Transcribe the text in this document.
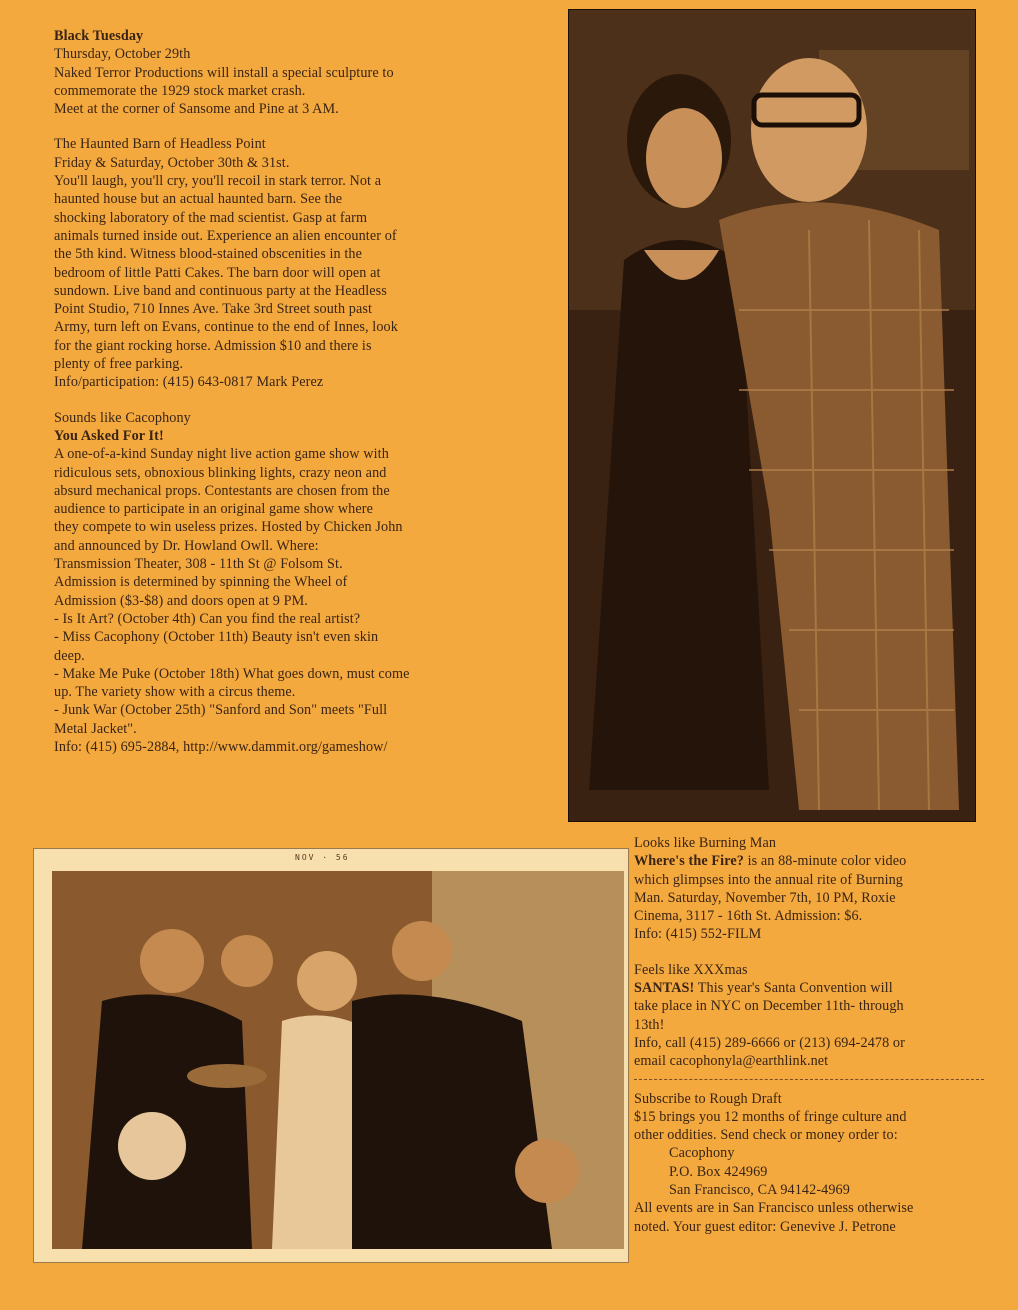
Black Tuesday

Thursday, October 29th

Naked Terror Productions will install a special sculpture to

commemorate the 1929 stock market crash.

Meet at the corner of Sansome and Pine at 3 AM.

The Haunted Barn of Headless Point

Friday & Saturday, October 30th & 31st.

You'll laugh, you'll cry, you'll recoil in stark terror. Not a

haunted house but an actual haunted barn. See the

shocking laboratory of the mad scientist. Gasp at farm

animals turned inside out. Experience an alien encounter of

the 5th kind. Witness blood-stained obscenities in the

bedroom of little Patti Cakes. The barn door will open at

sundown. Live band and continuous party at the Headless

Point Studio, 710 Innes Ave. Take 3rd Street south past

Army, turn left on Evans, continue to the end of Innes, look

for the giant rocking horse. Admission $10 and there is

plenty of free parking.

Info/participation: (415) 643-0817 Mark Perez

Sounds like Cacophony

You Asked For It!

A one-of-a-kind Sunday night live action game show with

ridiculous sets, obnoxious blinking lights, crazy neon and

absurd mechanical props. Contestants are chosen from the

audience to participate in an original game show where

they compete to win useless prizes. Hosted by Chicken John

and announced by Dr. Howland Owll. Where:

Transmission Theater, 308 - 11th St @ Folsom St.

Admission is determined by spinning the Wheel of

Admission ($3-$8) and doors open at 9 PM.

- Is It Art? (October 4th) Can you find the real artist?

- Miss Cacophony (October 11th) Beauty isn't even skin

deep.

- Make Me Puke (October 18th) What goes down, must come

up. The variety show with a circus theme.

- Junk War (October 25th) "Sanford and Son" meets "Full

Metal Jacket".

Info: (415) 695-2884, http://www.dammit.org/gameshow/

NOV · 56

Looks like Burning Man

Where's the Fire? is an 88-minute color video

which glimpses into the annual rite of Burning

Man. Saturday, November 7th, 10 PM, Roxie

Cinema, 3117 - 16th St. Admission: $6.

Info: (415) 552-FILM

Feels like XXXmas

SANTAS! This year's Santa Convention will

take place in NYC on December 11th- through

13th!

Info, call (415) 289-6666 or (213) 694-2478 or

email cacophonyla@earthlink.net

Subscribe to Rough Draft

$15 brings you 12 months of fringe culture and

other oddities. Send check or money order to:

Cacophony

P.O. Box 424969

San Francisco, CA 94142-4969

All events are in San Francisco unless otherwise

noted. Your guest editor: Genevive J. Petrone
